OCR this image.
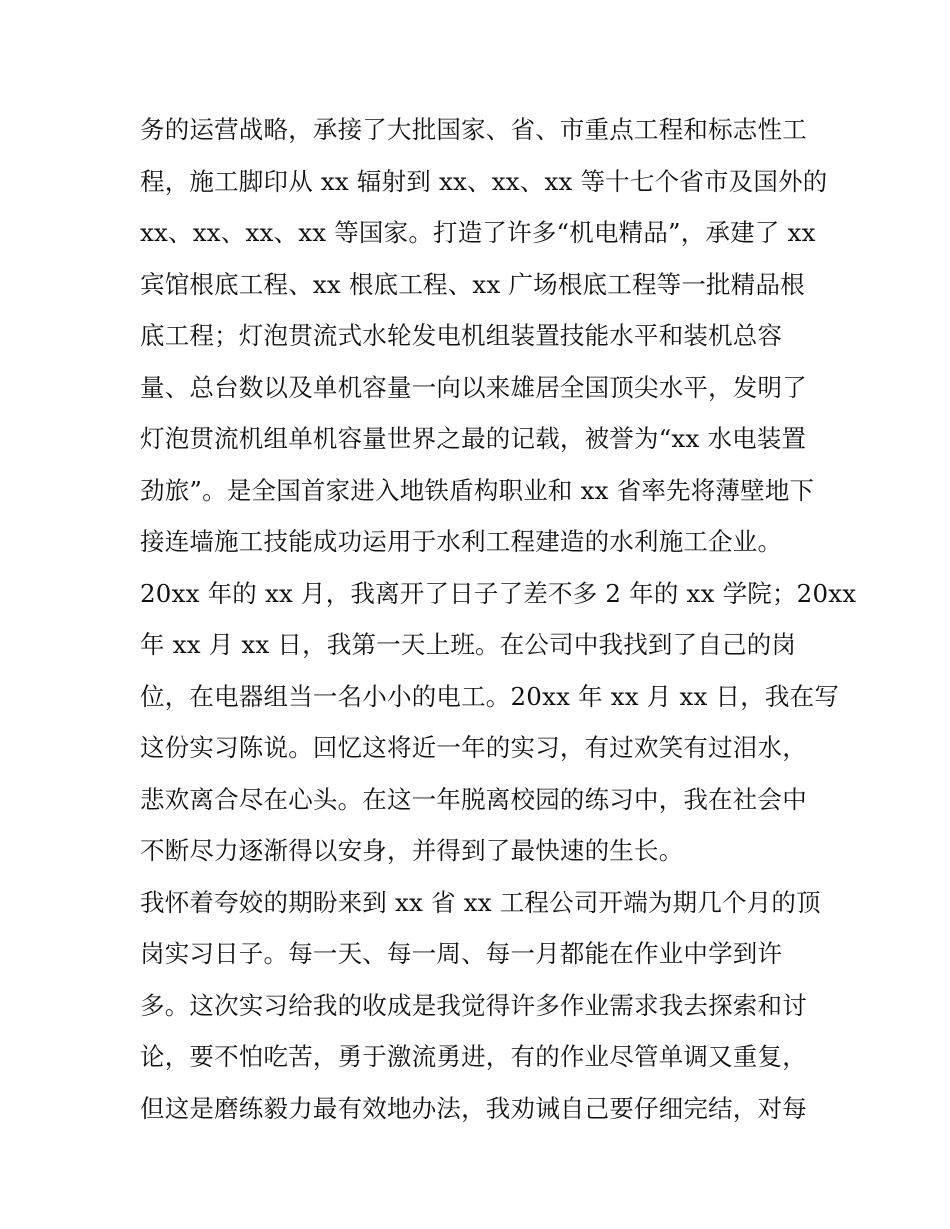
务的运营战略，承接了大批国家、省、市重点工程和标志性工
程，施工脚印从 xx 辐射到 xx、xx、xx 等十七个省市及国外的
xx、xx、xx、xx 等国家。打造了许多“机电精品”，承建了 xx
宾馆根底工程、xx 根底工程、xx 广场根底工程等一批精品根
底工程；灯泡贯流式水轮发电机组装置技能水平和装机总容
量、总台数以及单机容量一向以来雄居全国顶尖水平，发明了
灯泡贯流机组单机容量世界之最的记载，被誉为“xx 水电装置
劲旅”。是全国首家进入地铁盾构职业和 xx 省率先将薄壁地下
接连墙施工技能成功运用于水利工程建造的水利施工企业。
20xx 年的 xx 月，我离开了日子了差不多 2 年的 xx 学院；20xx
年 xx 月 xx 日，我第一天上班。在公司中我找到了自己的岗
位，在电器组当一名小小的电工。20xx 年 xx 月 xx 日，我在写
这份实习陈说。回忆这将近一年的实习，有过欢笑有过泪水，
悲欢离合尽在心头。在这一年脱离校园的练习中，我在社会中
不断尽力逐渐得以安身，并得到了最快速的生长。
我怀着夸姣的期盼来到 xx 省 xx 工程公司开端为期几个月的顶
岗实习日子。每一天、每一周、每一月都能在作业中学到许
多。这次实习给我的收成是我觉得许多作业需求我去探索和讨
论，要不怕吃苦，勇于激流勇进，有的作业尽管单调又重复，
但这是磨练毅力最有效地办法，我劝诫自己要仔细完结，对每
